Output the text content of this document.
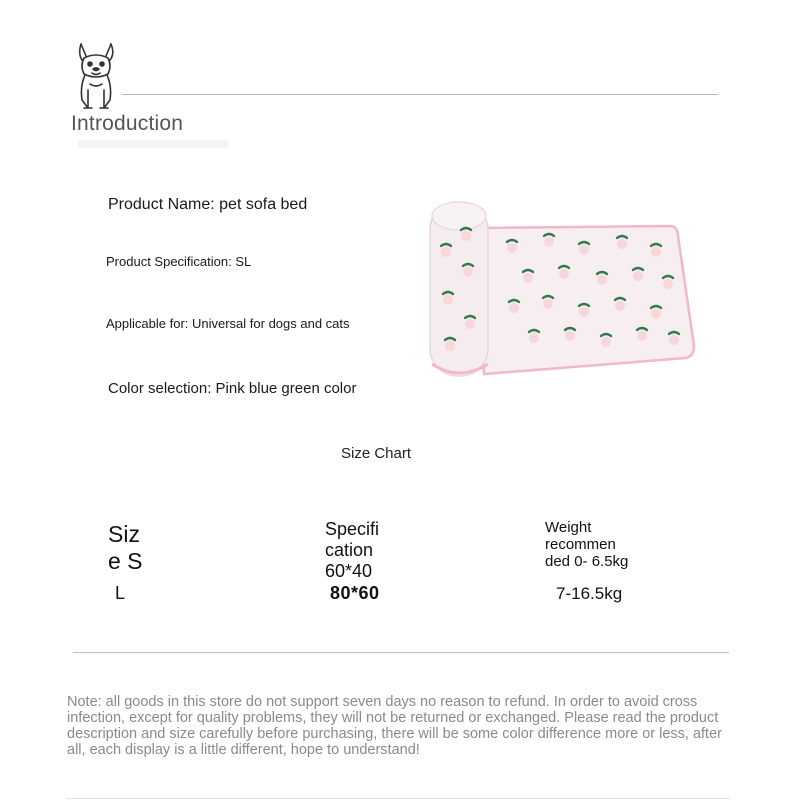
Introduction
Product Name: pet sofa bed
Product Specification: SL
Applicable for: Universal for dogs and cats
Color selection: Pink blue green color
Size Chart
Siz e S
Specifi cation 60*40
Weight recommen ded 0- 6.5kg
L	80*60	7-16.5kg
Note: all goods in this store do not support seven days no reason to refund. In order to avoid cross infection, except for quality problems, they will not be returned or exchanged. Please read the product description and size carefully before purchasing, there will be some color difference more or less, after all, each display is a little different, hope to understand!
